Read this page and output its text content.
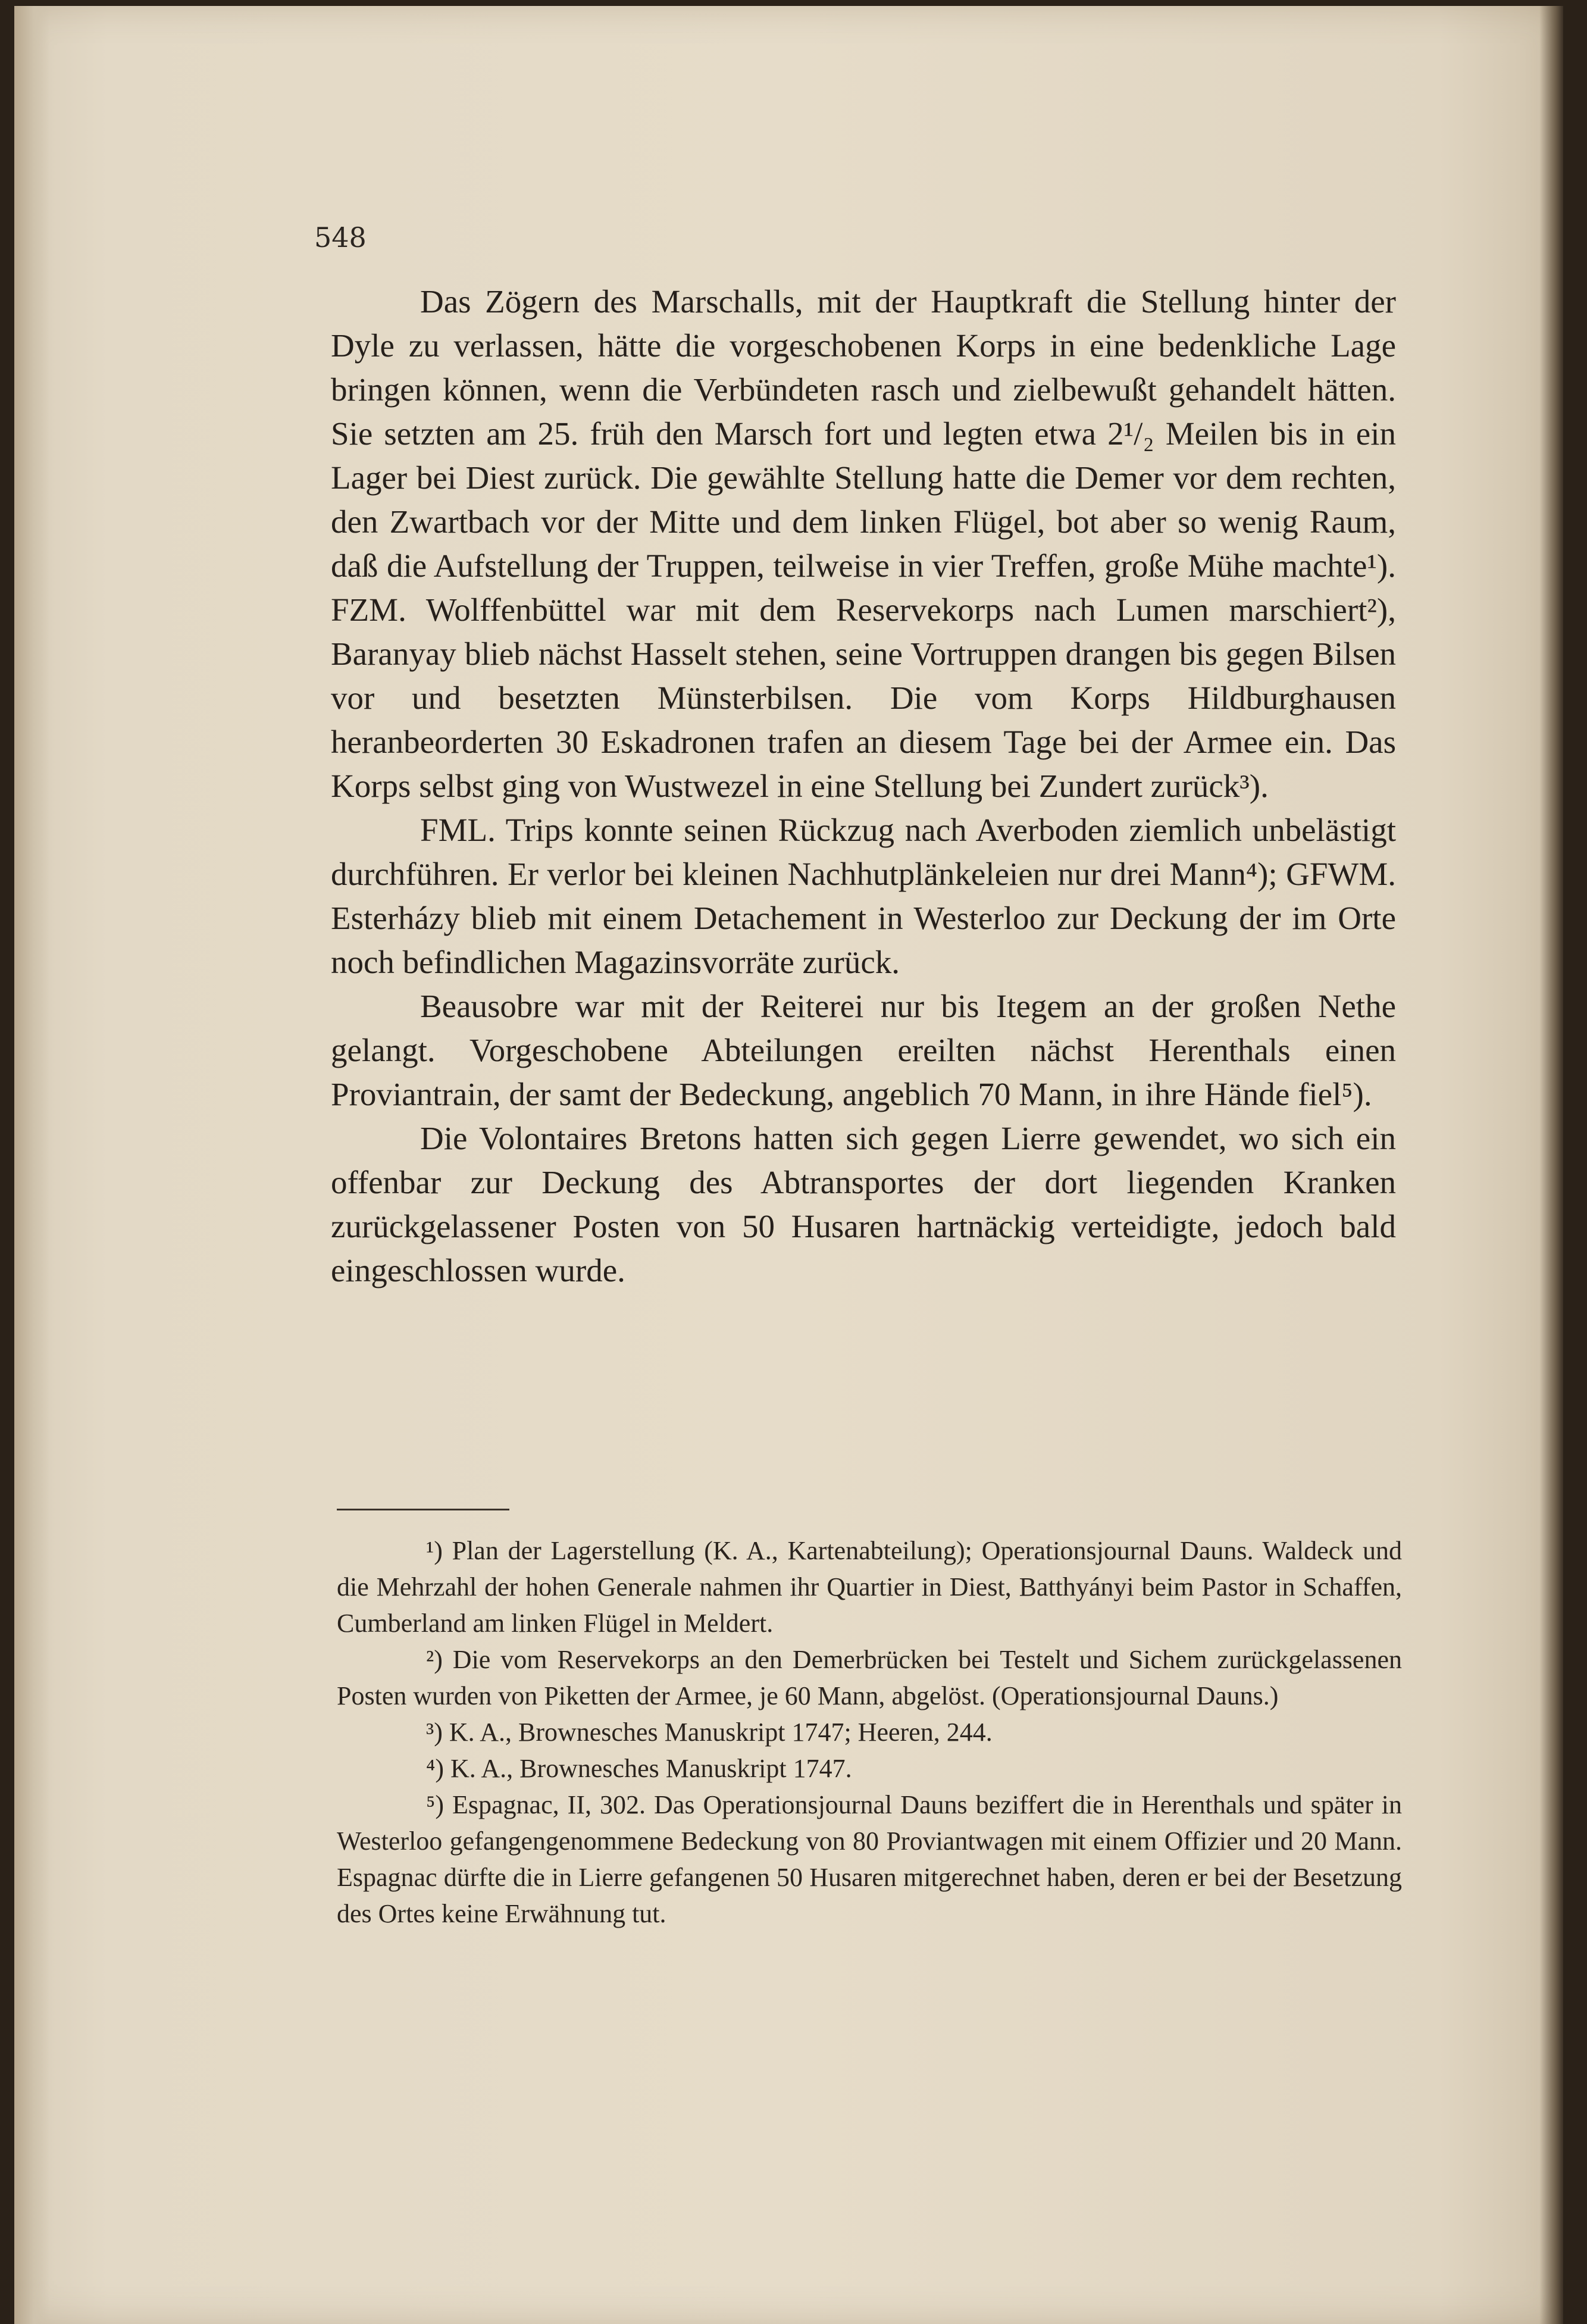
548

Das Zögern des Marschalls, mit der Hauptkraft die Stellung hinter der Dyle zu verlassen, hätte die vorgeschobenen Korps in eine bedenkliche Lage bringen können, wenn die Verbündeten rasch und zielbewußt gehandelt hätten. Sie setzten am 25. früh den Marsch fort und legten etwa 2¹/₂ Meilen bis in ein Lager bei Diest zurück. Die gewählte Stellung hatte die Demer vor dem rechten, den Zwartbach vor der Mitte und dem linken Flügel, bot aber so wenig Raum, daß die Aufstellung der Truppen, teilweise in vier Treffen, große Mühe machte¹). FZM. Wolffenbüttel war mit dem Reservekorps nach Lumen marschiert²), Baranyay blieb nächst Hasselt stehen, seine Vortruppen drangen bis gegen Bilsen vor und besetzten Münsterbilsen. Die vom Korps Hildburghausen heranbeorderten 30 Eskadronen trafen an diesem Tage bei der Armee ein. Das Korps selbst ging von Wustwezel in eine Stellung bei Zundert zurück³).

FML. Trips konnte seinen Rückzug nach Averboden ziemlich unbelästigt durchführen. Er verlor bei kleinen Nachhutplänkeleien nur drei Mann⁴); GFWM. Esterházy blieb mit einem Detachement in Westerloo zur Deckung der im Orte noch befindlichen Magazinsvorräte zurück.

Beausobre war mit der Reiterei nur bis Itegem an der großen Nethe gelangt. Vorgeschobene Abteilungen ereilten nächst Herenthals einen Proviantrain, der samt der Bedeckung, angeblich 70 Mann, in ihre Hände fiel⁵).

Die Volontaires Bretons hatten sich gegen Lierre gewendet, wo sich ein offenbar zur Deckung des Abtransportes der dort liegenden Kranken zurückgelassener Posten von 50 Husaren hartnäckig verteidigte, jedoch bald eingeschlossen wurde.

¹) Plan der Lagerstellung (K. A., Kartenabteilung); Operationsjournal Dauns. Waldeck und die Mehrzahl der hohen Generale nahmen ihr Quartier in Diest, Batthyányi beim Pastor in Schaffen, Cumberland am linken Flügel in Meldert.

²) Die vom Reservekorps an den Demerbrücken bei Testelt und Sichem zurückgelassenen Posten wurden von Piketten der Armee, je 60 Mann, abgelöst. (Operationsjournal Dauns.)

³) K. A., Brownesches Manuskript 1747; Heeren, 244.

⁴) K. A., Brownesches Manuskript 1747.

⁵) Espagnac, II, 302. Das Operationsjournal Dauns beziffert die in Herenthals und später in Westerloo gefangengenommene Bedeckung von 80 Proviantwagen mit einem Offizier und 20 Mann. Espagnac dürfte die in Lierre gefangenen 50 Husaren mitgerechnet haben, deren er bei der Besetzung des Ortes keine Erwähnung tut.
